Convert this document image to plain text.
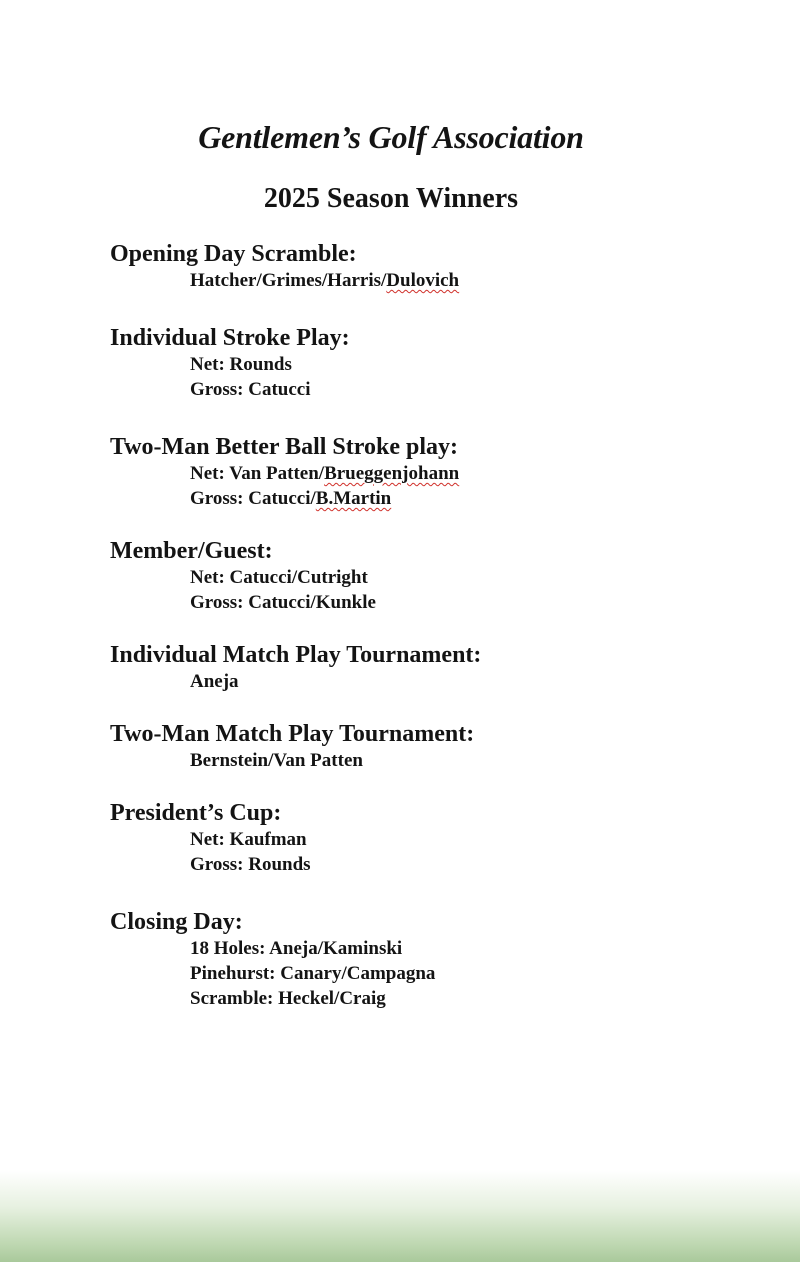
Gentlemen’s Golf Association
2025 Season Winners

Opening Day Scramble:

Hatcher/Grimes/Harris/Dulovich

Individual Stroke Play:

Net: Rounds

Gross: Catucci

Two-Man Better Ball Stroke play:

Net: Van Patten/Brueggenjohann

Gross: Catucci/B.Martin

Member/Guest:

Net: Catucci/Cutright

Gross: Catucci/Kunkle

Individual Match Play Tournament:

Aneja

Two-Man Match Play Tournament:

Bernstein/Van Patten

President’s Cup:

Net: Kaufman

Gross: Rounds

Closing Day:

18 Holes: Aneja/Kaminski

Pinehurst: Canary/Campagna

Scramble: Heckel/Craig
